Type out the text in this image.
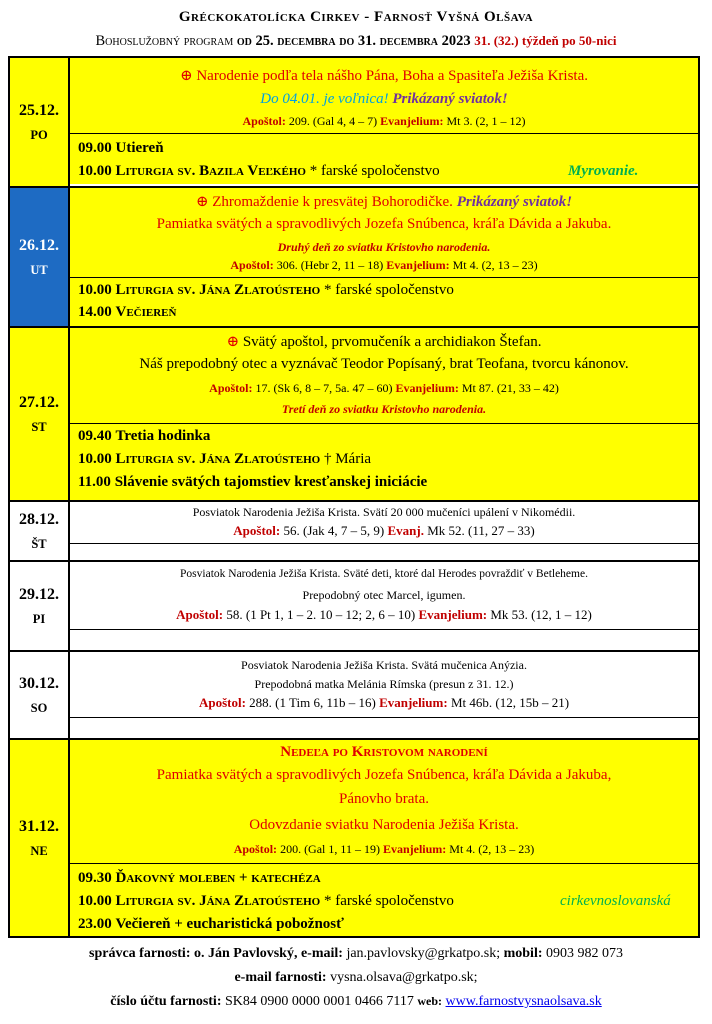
Gréckokatolícka Cirkev - Farnosť Vyšná Olšava
Bohoslužobný program od 25. decembra do 31. decembra 2023 31. (32.) týždeň po 50-nici
25.12.
PO
⊕ Narodenie podľa tela nášho Pána, Boha a Spasiteľa Ježiša Krista.
Do 04.01. je voľnica! Prikázaný sviatok!
Apoštol: 209. (Gal 4, 4 – 7) Evanjelium: Mt 3. (2, 1 – 12)
09.00 Utiereň
10.00 Liturgia sv. Bazila Veľkého * farské spoločenstvo	Myrovanie.
26.12.
UT
⊕ Zhromaždenie k presvätej Bohorodičke. Prikázaný sviatok!
Pamiatka svätých a spravodlivých Jozefa Snúbenca, kráľa Dávida a Jakuba.
Druhý deň zo sviatku Kristovho narodenia.
Apoštol: 306. (Hebr 2, 11 – 18) Evanjelium: Mt 4. (2, 13 – 23)
10.00 Liturgia sv. Jána Zlatoústeho * farské spoločenstvo
14.00 Večiereň
27.12.
ST
⊕ Svätý apoštol, prvomučeník a archidiakon Štefan.
Náš prepodobný otec a vyznávač Teodor Popísaný, brat Teofana, tvorcu kánonov.
Apoštol: 17. (Sk 6, 8 – 7, 5a. 47 – 60) Evanjelium: Mt 87. (21, 33 – 42)
Tretí deň zo sviatku Kristovho narodenia.
09.40 Tretia hodinka
10.00 Liturgia sv. Jána Zlatoústeho † Mária
11.00 Slávenie svätých tajomstiev kresťanskej iniciácie
28.12.
ŠT
Posviatok Narodenia Ježiša Krista. Svätí 20 000 mučeníci upálení v Nikomédii.
Apoštol: 56. (Jak 4, 7 – 5, 9) Evanj. Mk 52. (11, 27 – 33)
29.12.
PI
Posviatok Narodenia Ježiša Krista. Sväté deti, ktoré dal Herodes povraždiť v Betleheme.
Prepodobný otec Marcel, igumen.
Apoštol: 58. (1 Pt 1, 1 – 2. 10 – 12; 2, 6 – 10) Evanjelium: Mk 53. (12, 1 – 12)
30.12.
SO
Posviatok Narodenia Ježiša Krista. Svätá mučenica Anýzia.
Prepodobná matka Melánia Rímska (presun z 31. 12.)
Apoštol: 288. (1 Tim 6, 11b – 16) Evanjelium: Mt 46b. (12, 15b – 21)
31.12.
NE
Nedeľa po Kristovom narodení
Pamiatka svätých a spravodlivých Jozefa Snúbenca, kráľa Dávida a Jakuba,
Pánovho brata.
Odovzdanie sviatku Narodenia Ježiša Krista.
Apoštol: 200. (Gal 1, 11 – 19) Evanjelium: Mt 4. (2, 13 – 23)
09.30 Ďakovný moleben + katechéza
10.00 Liturgia sv. Jána Zlatoústeho * farské spoločenstvo	cirkevnoslovanská
23.00 Večiereň + eucharistická pobožnosť
správca farnosti: o. Ján Pavlovský, e-mail: jan.pavlovsky@grkatpo.sk; mobil: 0903 982 073
e-mail farnosti: vysna.olsava@grkatpo.sk;
číslo účtu farnosti: SK84 0900 0000 0001 0466 7117 web: www.farnostvysnaolsava.sk
